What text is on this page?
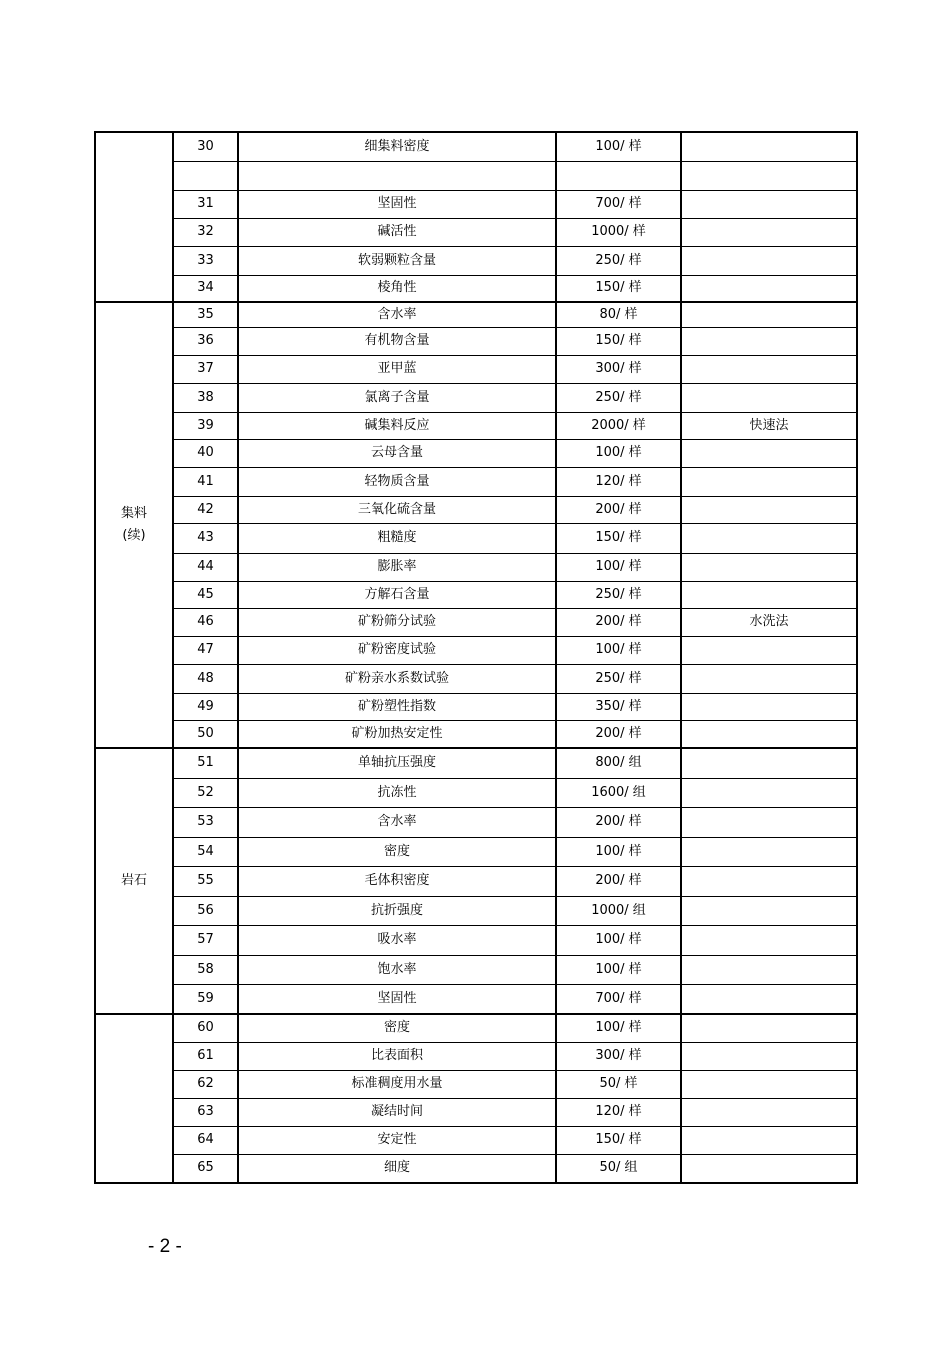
	30	细集料密度	100/ 样	

	31	坚固性	700/ 样	
	32	碱活性	1000/ 样	
	33	软弱颗粒含量	250/ 样	
	34	棱角性	150/ 样	
集料
(续)	35	含水率	80/ 样	
	36	有机物含量	150/ 样	
	37	亚甲蓝	300/ 样	
	38	氯离子含量	250/ 样	
	39	碱集料反应	2000/ 样	快速法
	40	云母含量	100/ 样	
	41	轻物质含量	120/ 样	
	42	三氧化硫含量	200/ 样	
	43	粗糙度	150/ 样	
	44	膨胀率	100/ 样	
	45	方解石含量	250/ 样	
	46	矿粉筛分试验	200/ 样	水洗法
	47	矿粉密度试验	100/ 样	
	48	矿粉亲水系数试验	250/ 样	
	49	矿粉塑性指数	350/ 样	
	50	矿粉加热安定性	200/ 样	
岩石	51	单轴抗压强度	800/ 组	
	52	抗冻性	1600/ 组	
	53	含水率	200/ 样	
	54	密度	100/ 样	
	55	毛体积密度	200/ 样	
	56	抗折强度	1000/ 组	
	57	吸水率	100/ 样	
	58	饱水率	100/ 样	
	59	坚固性	700/ 样	
	60	密度	100/ 样	
	61	比表面积	300/ 样	
	62	标准稠度用水量	50/ 样	
	63	凝结时间	120/ 样	
	64	安定性	150/ 样	
	65	细度	50/ 组	
- 2 -
